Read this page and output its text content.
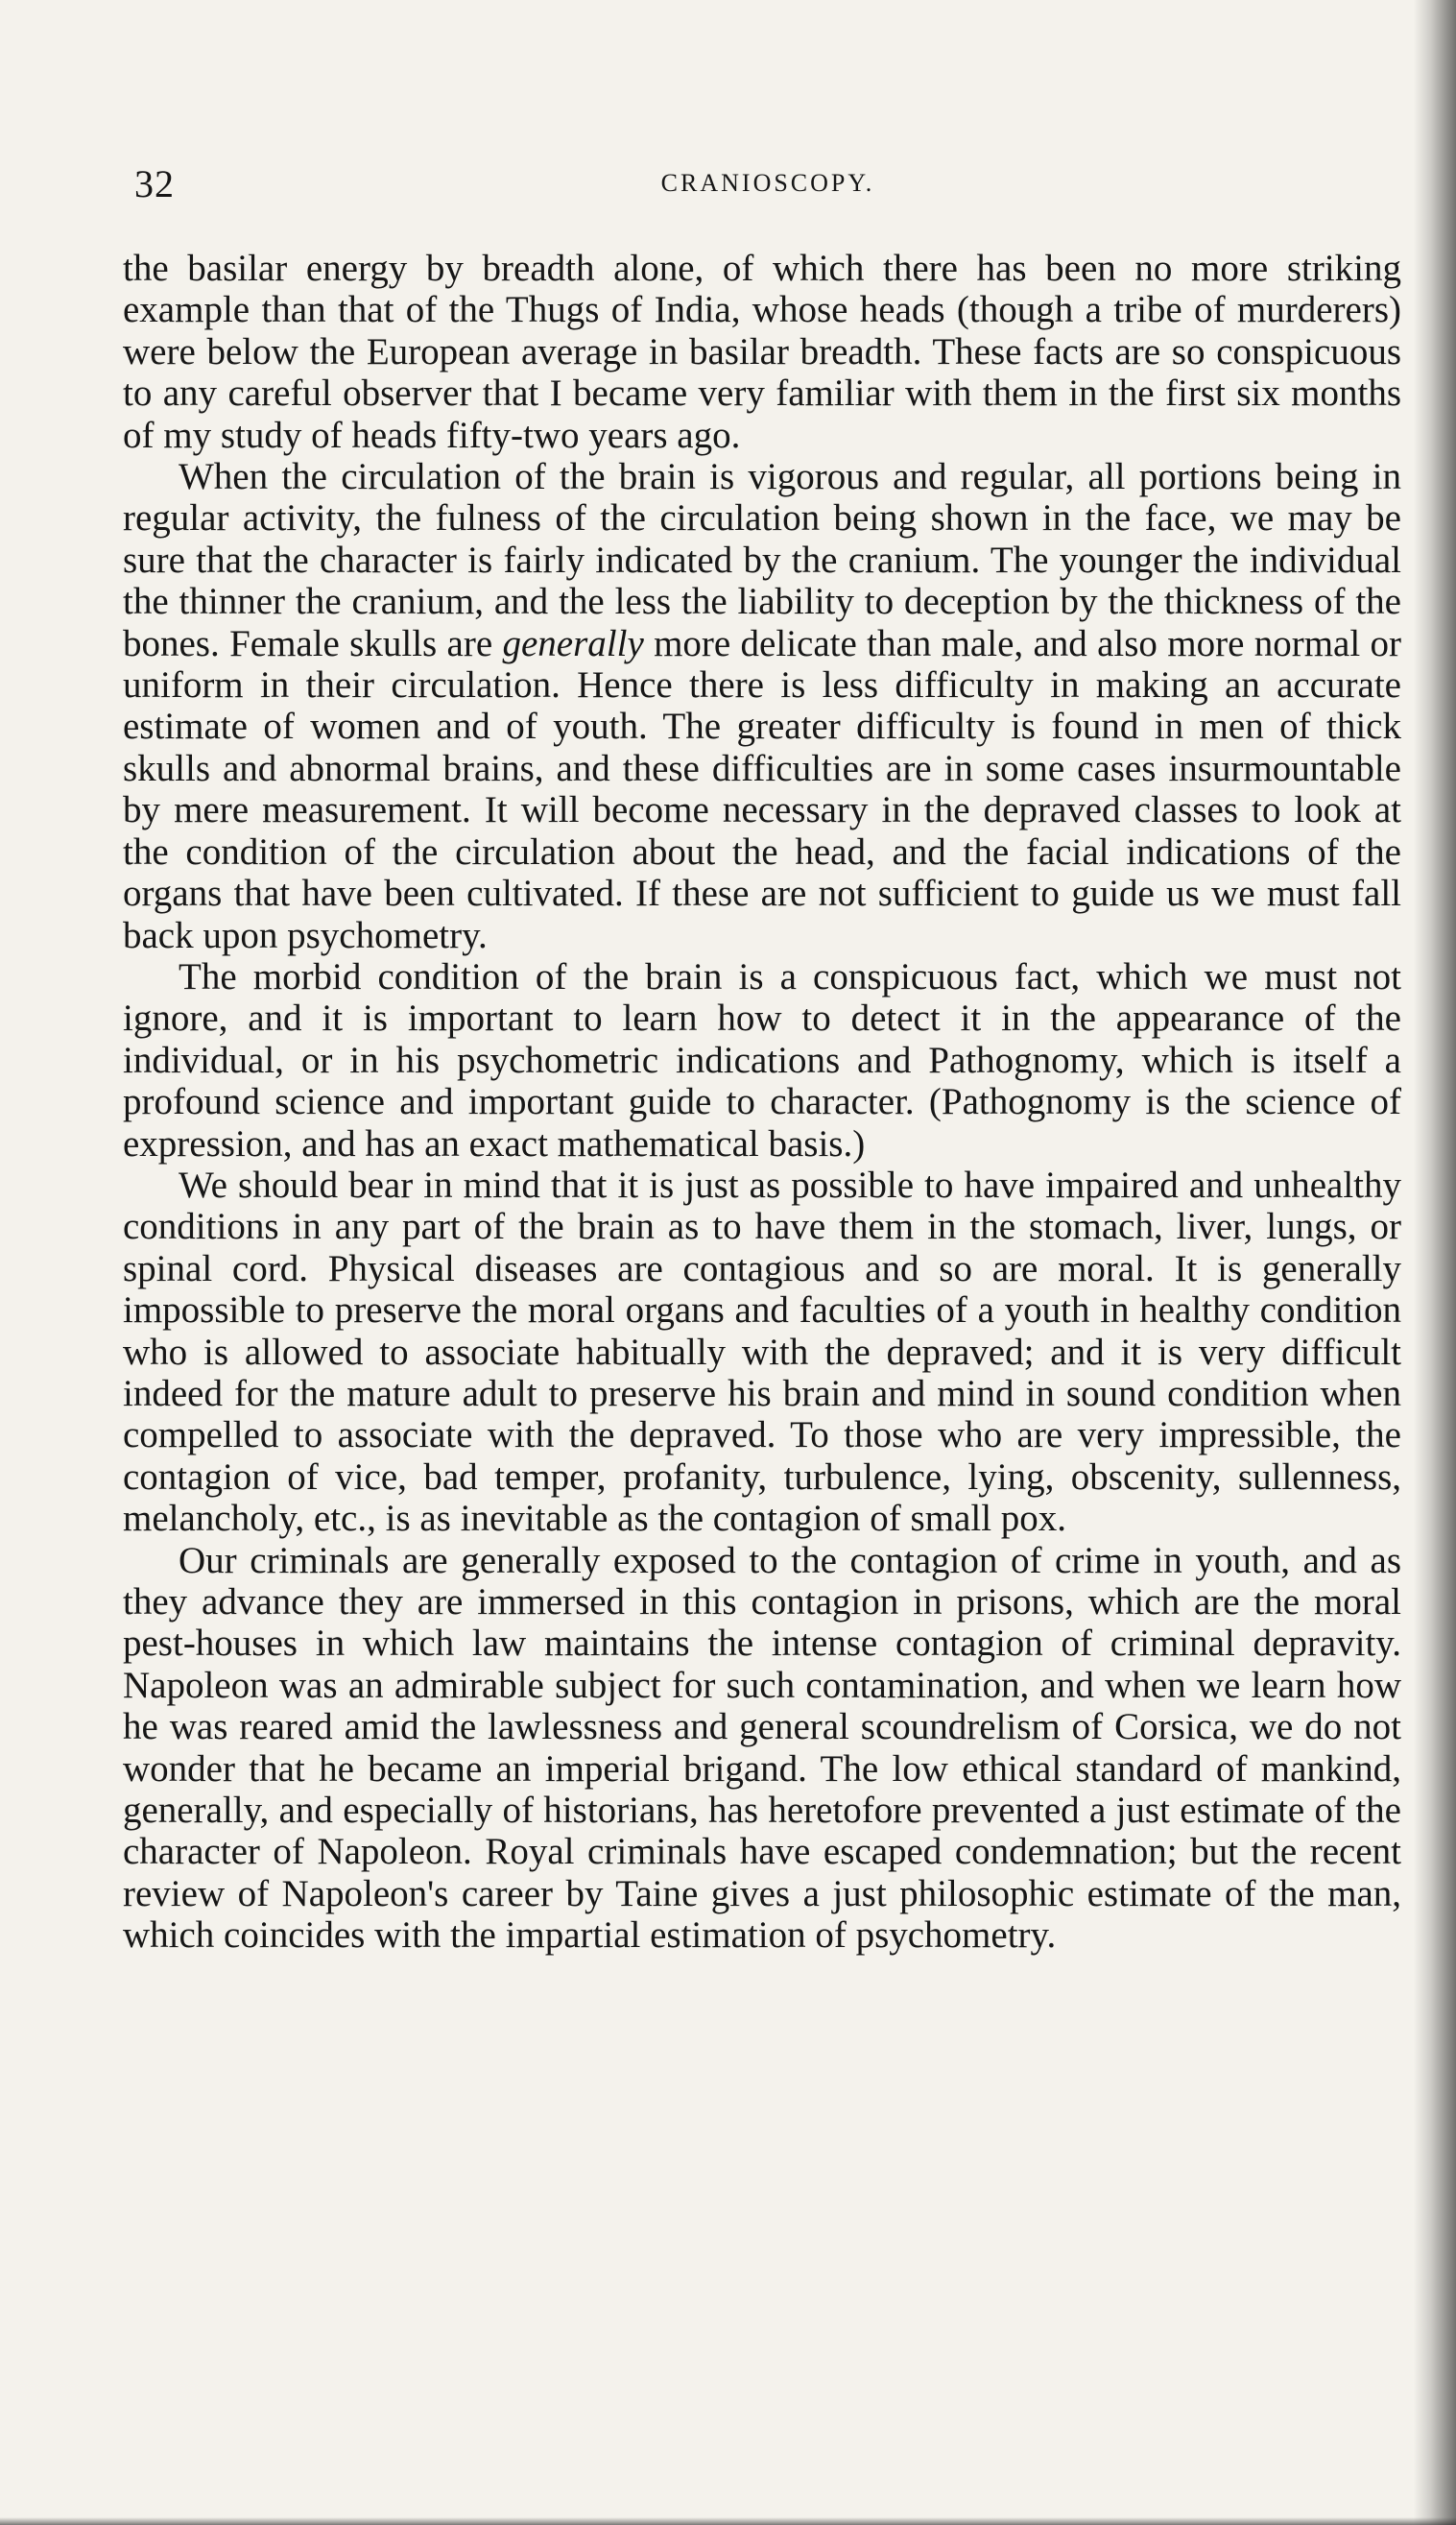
32	CRANIOSCOPY.

the basilar energy by breadth alone, of which there has been no more striking example than that of the Thugs of India, whose heads (though a tribe of murderers) were below the European average in basilar breadth. These facts are so conspicuous to any careful observer that I became very familiar with them in the first six months of my study of heads fifty-two years ago.

When the circulation of the brain is vigorous and regular, all portions being in regular activity, the fulness of the circulation being shown in the face, we may be sure that the character is fairly indicated by the cranium. The younger the individual the thinner the cranium, and the less the liability to deception by the thickness of the bones. Female skulls are generally more delicate than male, and also more normal or uniform in their circulation. Hence there is less difficulty in making an accurate estimate of women and of youth. The greater difficulty is found in men of thick skulls and abnormal brains, and these difficulties are in some cases insurmountable by mere measurement. It will become necessary in the depraved classes to look at the condition of the circulation about the head, and the facial indications of the organs that have been cultivated. If these are not sufficient to guide us we must fall back upon psychometry.

The morbid condition of the brain is a conspicuous fact, which we must not ignore, and it is important to learn how to detect it in the appearance of the individual, or in his psychometric indications and Pathognomy, which is itself a profound science and important guide to character. (Pathognomy is the science of expression, and has an exact mathematical basis.)

We should bear in mind that it is just as possible to have impaired and unhealthy conditions in any part of the brain as to have them in the stomach, liver, lungs, or spinal cord. Physical diseases are contagious and so are moral. It is generally impossible to preserve the moral organs and faculties of a youth in healthy condition who is allowed to associate habitually with the depraved; and it is very difficult indeed for the mature adult to preserve his brain and mind in sound condition when compelled to associate with the depraved. To those who are very impressible, the contagion of vice, bad temper, profanity, turbulence, lying, obscenity, sullenness, melancholy, etc., is as inevitable as the contagion of small pox.

Our criminals are generally exposed to the contagion of crime in youth, and as they advance they are immersed in this contagion in prisons, which are the moral pest-houses in which law maintains the intense contagion of criminal depravity. Napoleon was an admirable subject for such contamination, and when we learn how he was reared amid the lawlessness and general scoundrelism of Corsica, we do not wonder that he became an imperial brigand. The low ethical standard of mankind, generally, and especially of historians, has heretofore prevented a just estimate of the character of Napoleon. Royal criminals have escaped condemnation; but the recent review of Napoleon's career by Taine gives a just philosophic estimate of the man, which coincides with the impartial estimation of psychometry.
